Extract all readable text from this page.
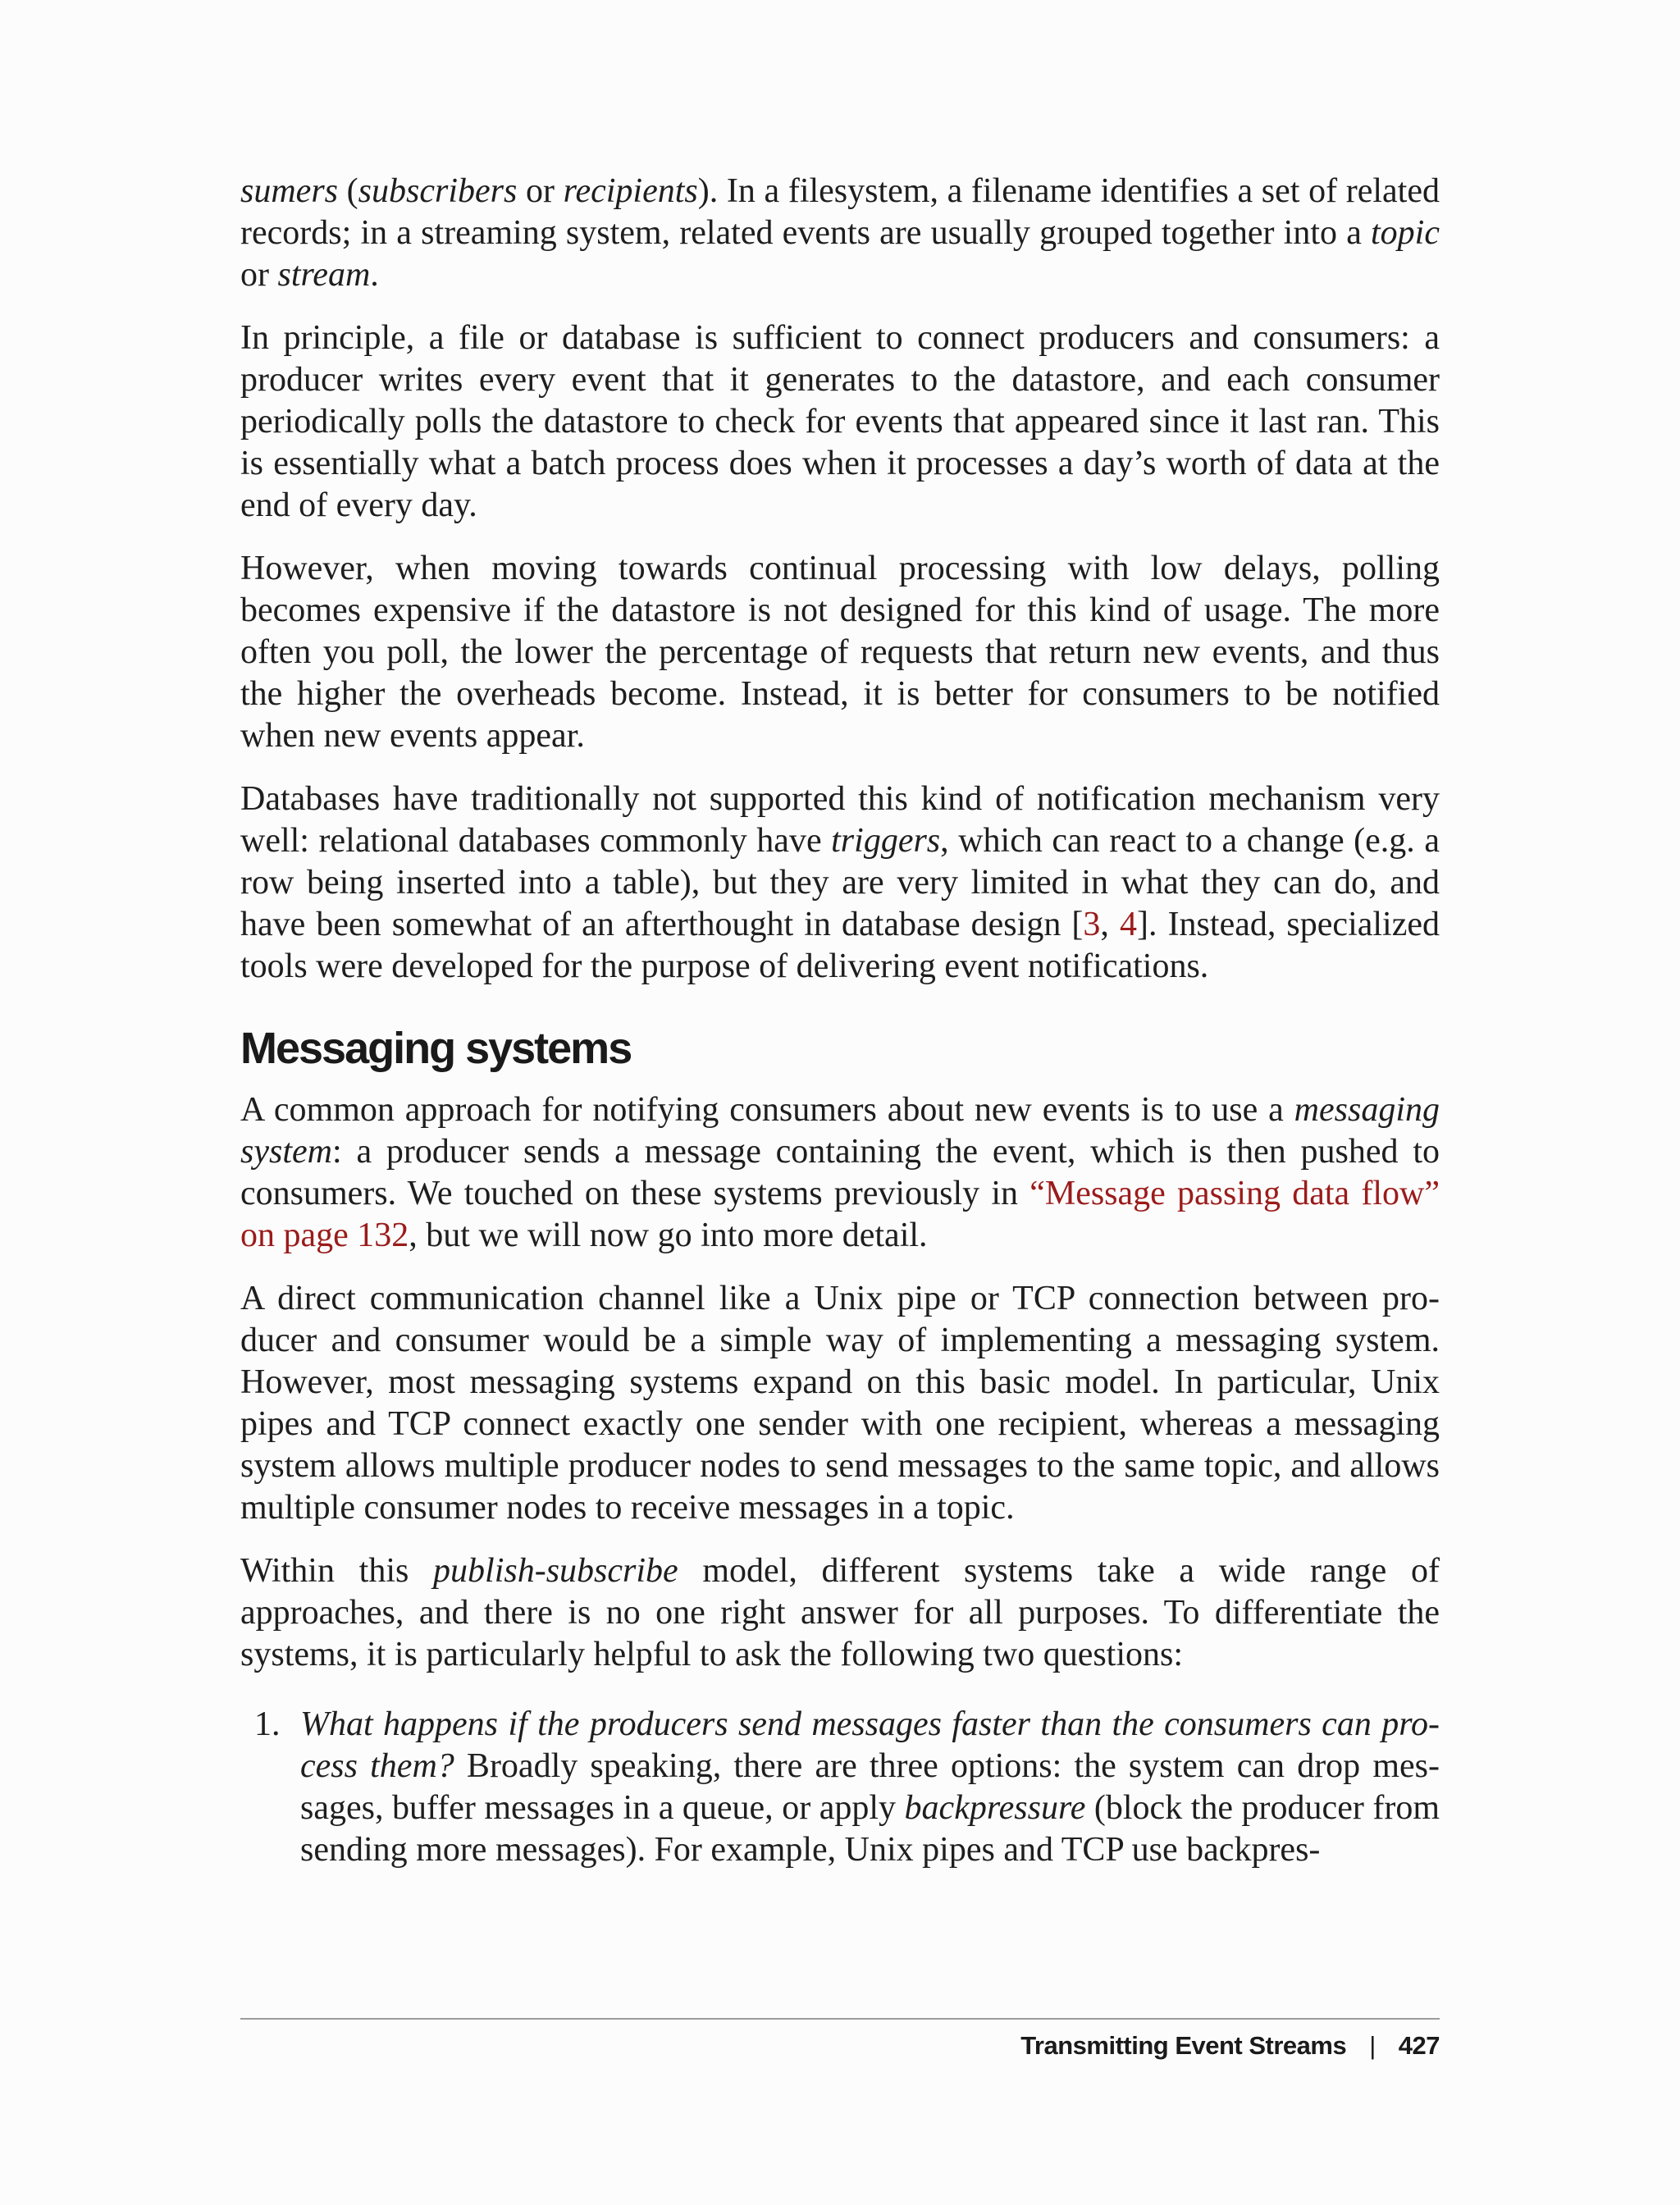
sumers (subscribers or recipients). In a filesystem, a filename identifies a set of related records; in a streaming system, related events are usually grouped together into a topic or stream.

In principle, a file or database is sufficient to connect producers and consumers: a producer writes every event that it generates to the datastore, and each consumer periodically polls the datastore to check for events that appeared since it last ran. This is essentially what a batch process does when it processes a day’s worth of data at the end of every day.

However, when moving towards continual processing with low delays, polling becomes expensive if the datastore is not designed for this kind of usage. The more often you poll, the lower the percentage of requests that return new events, and thus the higher the overheads become. Instead, it is better for consumers to be notified when new events appear.

Databases have traditionally not supported this kind of notification mechanism very well: relational databases commonly have triggers, which can react to a change (e.g. a row being inserted into a table), but they are very limited in what they can do, and have been somewhat of an afterthought in database design [3, 4]. Instead, specialized tools were developed for the purpose of delivering event notifications.

Messaging systems

A common approach for notifying consumers about new events is to use a messaging system: a producer sends a message containing the event, which is then pushed to consumers. We touched on these systems previously in “Message passing data flow” on page 132, but we will now go into more detail.

A direct communication channel like a Unix pipe or TCP connection between producer and consumer would be a simple way of implementing a messaging system. However, most messaging systems expand on this basic model. In particular, Unix pipes and TCP connect exactly one sender with one recipient, whereas a messaging system allows multiple producer nodes to send messages to the same topic, and allows multiple consumer nodes to receive messages in a topic.

Within this publish-subscribe model, different systems take a wide range of approaches, and there is no one right answer for all purposes. To differentiate the systems, it is particularly helpful to ask the following two questions:

1. What happens if the producers send messages faster than the consumers can process them? Broadly speaking, there are three options: the system can drop messages, buffer messages in a queue, or apply backpressure (block the producer from sending more messages). For example, Unix pipes and TCP use backpres-
Transmitting Event Streams | 427
